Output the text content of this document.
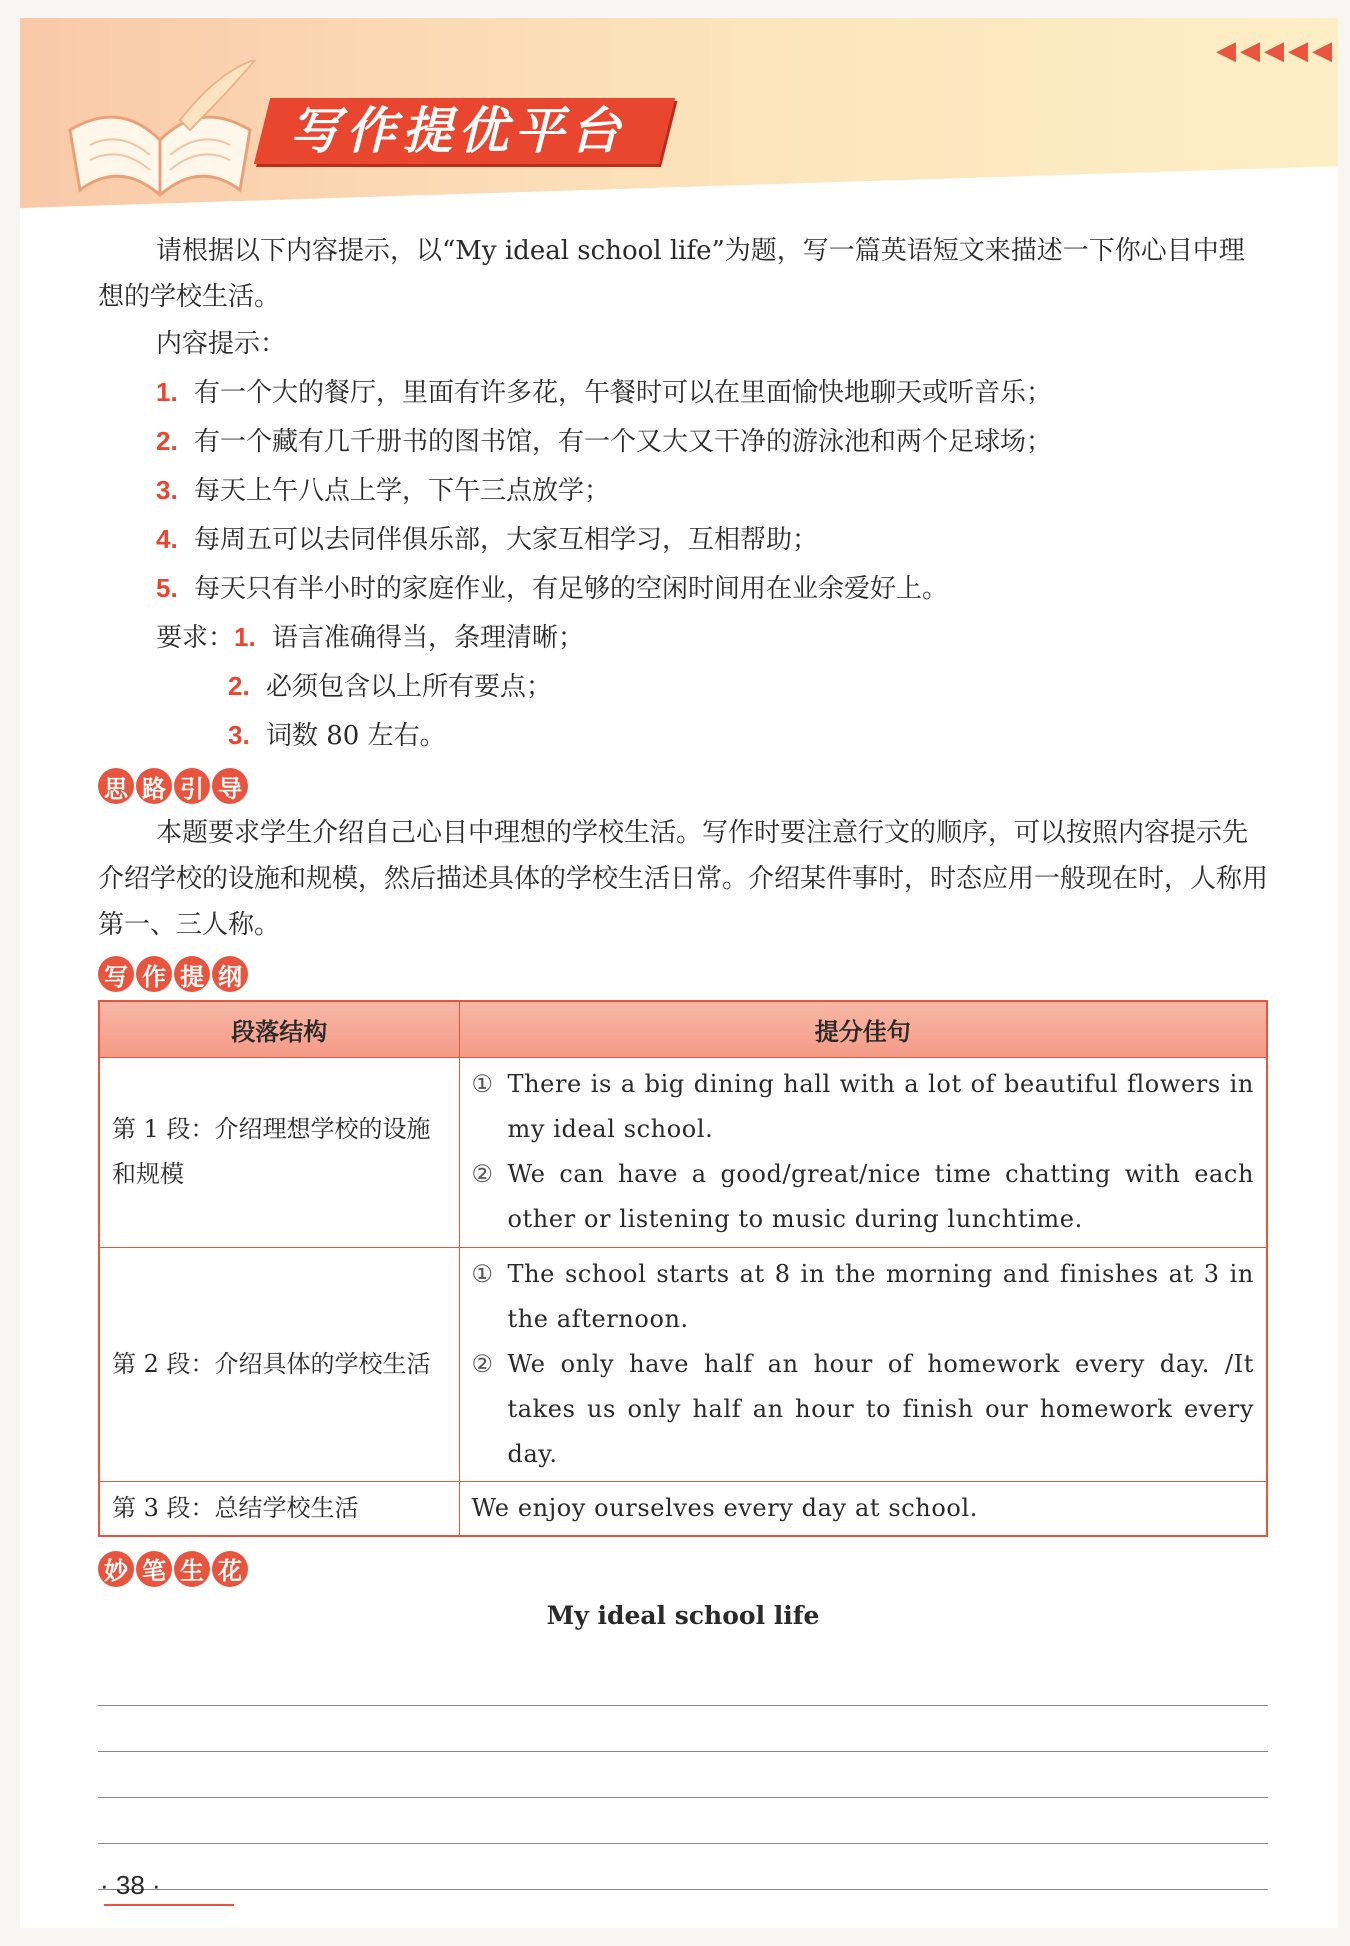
◀◀◀◀◀
写作提优平台

请根据以下内容提示，以“My ideal school life”为题，写一篇英语短文来描述一下你心目中理想的学校生活。

内容提示：
1. 有一个大的餐厅，里面有许多花，午餐时可以在里面愉快地聊天或听音乐；
2. 有一个藏有几千册书的图书馆，有一个又大又干净的游泳池和两个足球场；
3. 每天上午八点上学，下午三点放学；
4. 每周五可以去同伴俱乐部，大家互相学习，互相帮助；
5. 每天只有半小时的家庭作业，有足够的空闲时间用在业余爱好上。
要求：1. 语言准确得当，条理清晰；
2. 必须包含以上所有要点；
3. 词数 80 左右。
思 路 引 导

本题要求学生介绍自己心目中理想的学校生活。写作时要注意行文的顺序，可以按照内容提示先介绍学校的设施和规模，然后描述具体的学校生活日常。介绍某件事时，时态应用一般现在时，人称用第一、三人称。

写 作 提 纲
段落结构	提分佳句
第 1 段：介绍理想学校的设施和规模	① There is a big dining hall with a lot of beautiful flowers in my ideal school.
② We can have a good/great/nice time chatting with each other or listening to music during lunchtime.

第 2 段：介绍具体的学校生活	① The school starts at 8 in the morning and finishes at 3 in the afternoon.
② We only have half an hour of homework every day. /It takes us only half an hour to finish our homework every day.

第 3 段：总结学校生活	We enjoy ourselves every day at school.
妙 笔 生 花
My ideal school life
· 38 ·
